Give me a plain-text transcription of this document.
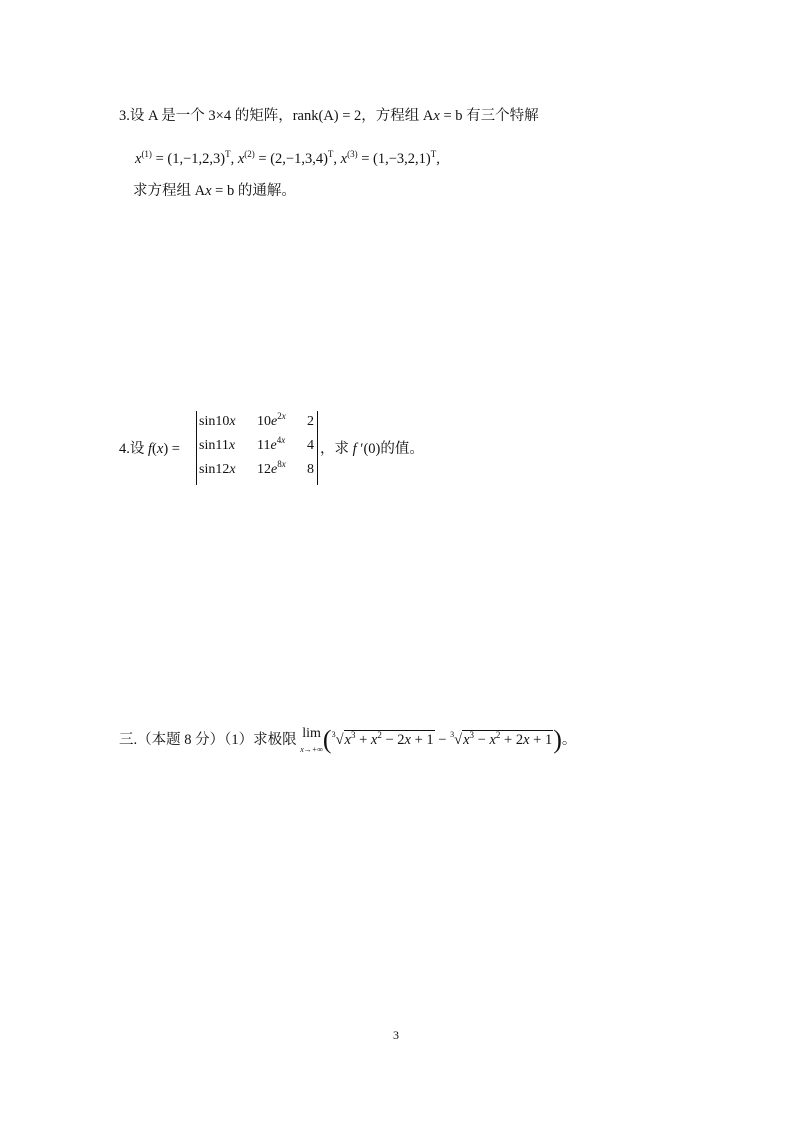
3.设 A 是一个 3×4 的矩阵，rank(A) = 2，方程组 Ax = b 有三个特解
$x^{(1)} = (1,-1,2,3)^T$, $x^{(2)} = (2,-1,3,4)^T$, $x^{(3)} = (1,-3,2,1)^T$,
求方程组 Ax = b 的通解。
4.设 f(x) =
sin10x $10e^{2x}$ 2
sin11x $11e^{4x}$ 4
sin12x $12e^{8x}$ 8
，求 f ′(0)的值。
三.（本题 8 分）（1）求极限 lim
$x\to+\infty(^3√x^3 + x^2 - 2x + 1 - ^3√x^3 - x^2 + 2x + 1)$。
3
